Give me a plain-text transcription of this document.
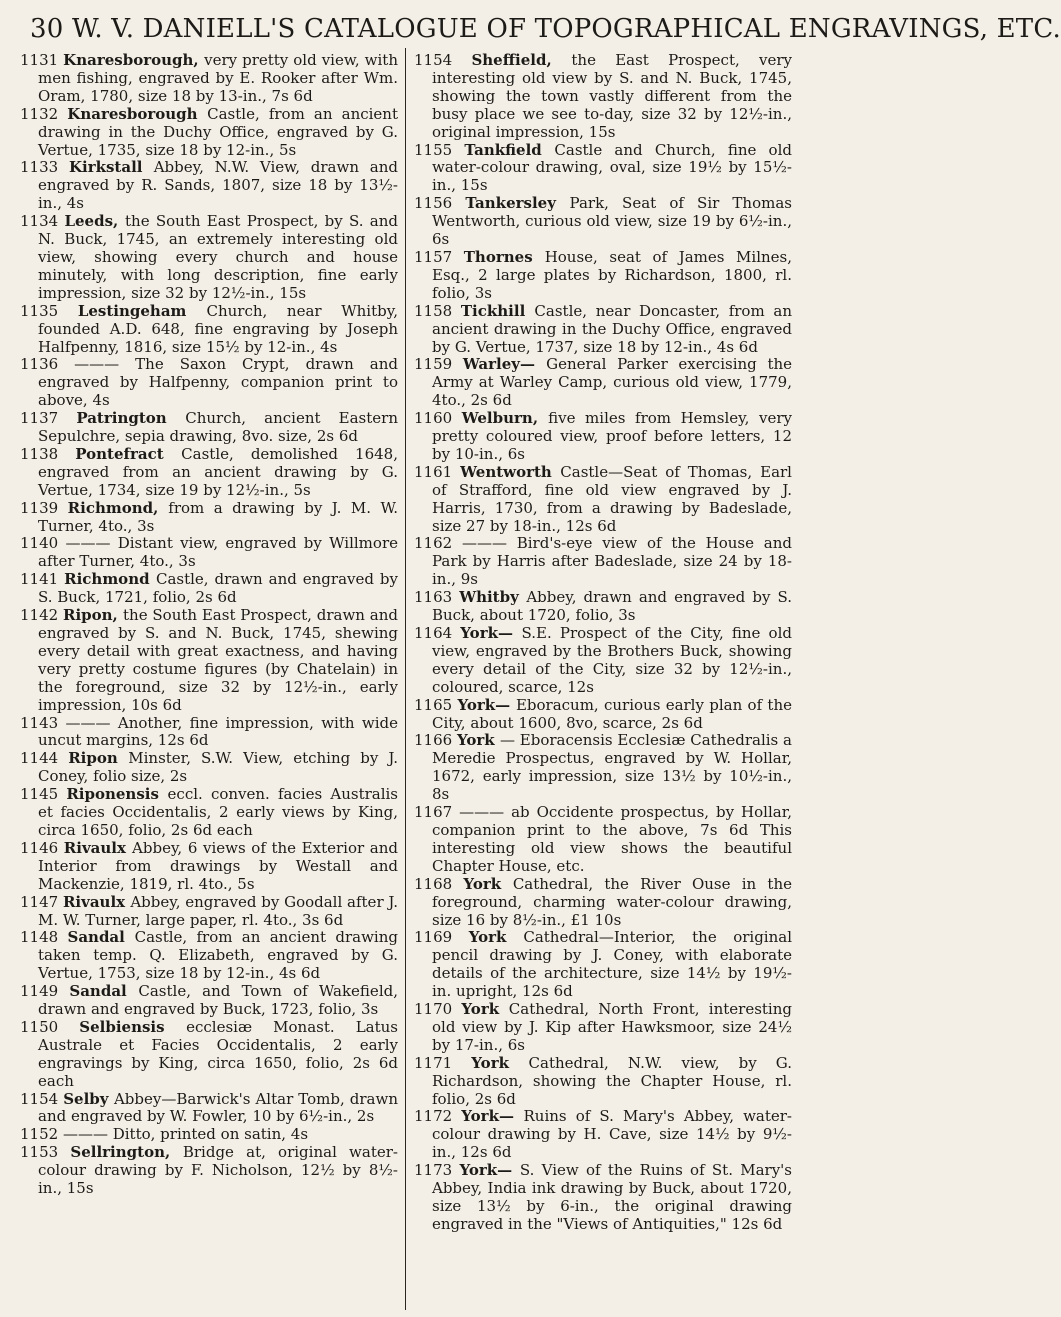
30 W. V. DANIELL'S CATALOGUE OF TOPOGRAPHICAL ENGRAVINGS, ETC.

1131 Knaresborough, very pretty old view, with men fishing, engraved by E. Rooker after Wm. Oram, 1780, size 18 by 13-in., 7s 6d

1132 Knaresborough Castle, from an ancient drawing in the Duchy Office, engraved by G. Vertue, 1735, size 18 by 12-in., 5s

1133 Kirkstall Abbey, N.W. View, drawn and engraved by R. Sands, 1807, size 18 by 13½-in., 4s

1134 Leeds, the South East Prospect, by S. and N. Buck, 1745, an extremely interesting old view, showing every church and house minutely, with long description, fine early impression, size 32 by 12½-in., 15s

1135 Lestingeham Church, near Whitby, founded A.D. 648, fine engraving by Joseph Halfpenny, 1816, size 15½ by 12-in., 4s

1136 ——— The Saxon Crypt, drawn and engraved by Halfpenny, companion print to above, 4s

1137 Patrington Church, ancient Eastern Sepulchre, sepia drawing, 8vo. size, 2s 6d

1138 Pontefract Castle, demolished 1648, engraved from an ancient drawing by G. Vertue, 1734, size 19 by 12½-in., 5s

1139 Richmond, from a drawing by J. M. W. Turner, 4to., 3s

1140 ——— Distant view, engraved by Willmore after Turner, 4to., 3s

1141 Richmond Castle, drawn and engraved by S. Buck, 1721, folio, 2s 6d

1142 Ripon, the South East Prospect, drawn and engraved by S. and N. Buck, 1745, shewing every detail with great exactness, and having very pretty costume figures (by Chatelain) in the foreground, size 32 by 12½-in., early impression, 10s 6d

1143 ——— Another, fine impression, with wide uncut margins, 12s 6d

1144 Ripon Minster, S.W. View, etching by J. Coney, folio size, 2s

1145 Riponensis eccl. conven. facies Australis et facies Occidentalis, 2 early views by King, circa 1650, folio, 2s 6d each

1146 Rivaulx Abbey, 6 views of the Exterior and Interior from drawings by Westall and Mackenzie, 1819, rl. 4to., 5s

1147 Rivaulx Abbey, engraved by Goodall after J. M. W. Turner, large paper, rl. 4to., 3s 6d

1148 Sandal Castle, from an ancient drawing taken temp. Q. Elizabeth, engraved by G. Vertue, 1753, size 18 by 12-in., 4s 6d

1149 Sandal Castle, and Town of Wakefield, drawn and engraved by Buck, 1723, folio, 3s

1150 Selbiensis ecclesiæ Monast. Latus Australe et Facies Occidentalis, 2 early engravings by King, circa 1650, folio, 2s 6d each

1154 Selby Abbey—Barwick's Altar Tomb, drawn and engraved by W. Fowler, 10 by 6½-in., 2s

1152 ——— Ditto, printed on satin, 4s

1153 Sellrington, Bridge at, original water-colour drawing by F. Nicholson, 12½ by 8½-in., 15s

1154 Sheffield, the East Prospect, very interesting old view by S. and N. Buck, 1745, showing the town vastly different from the busy place we see to-day, size 32 by 12½-in., original impression, 15s

1155 Tankfield Castle and Church, fine old water-colour drawing, oval, size 19½ by 15½-in., 15s

1156 Tankersley Park, Seat of Sir Thomas Wentworth, curious old view, size 19 by 6½-in., 6s

1157 Thornes House, seat of James Milnes, Esq., 2 large plates by Richardson, 1800, rl. folio, 3s

1158 Tickhill Castle, near Doncaster, from an ancient drawing in the Duchy Office, engraved by G. Vertue, 1737, size 18 by 12-in., 4s 6d

1159 Warley— General Parker exercising the Army at Warley Camp, curious old view, 1779, 4to., 2s 6d

1160 Welburn, five miles from Hemsley, very pretty coloured view, proof before letters, 12 by 10-in., 6s

1161 Wentworth Castle—Seat of Thomas, Earl of Strafford, fine old view engraved by J. Harris, 1730, from a drawing by Badeslade, size 27 by 18-in., 12s 6d

1162 ——— Bird's-eye view of the House and Park by Harris after Badeslade, size 24 by 18-in., 9s

1163 Whitby Abbey, drawn and engraved by S. Buck, about 1720, folio, 3s

1164 York— S.E. Prospect of the City, fine old view, engraved by the Brothers Buck, showing every detail of the City, size 32 by 12½-in., coloured, scarce, 12s

1165 York— Eboracum, curious early plan of the City, about 1600, 8vo, scarce, 2s 6d

1166 York — Eboracensis Ecclesiæ Cathedralis a Meredie Prospectus, engraved by W. Hollar, 1672, early impression, size 13½ by 10½-in., 8s

1167 ——— ab Occidente prospectus, by Hollar, companion print to the above, 7s 6d This interesting old view shows the beautiful Chapter House, etc.

1168 York Cathedral, the River Ouse in the foreground, charming water-colour drawing, size 16 by 8½-in., £1 10s

1169 York Cathedral—Interior, the original pencil drawing by J. Coney, with elaborate details of the architecture, size 14½ by 19½-in. upright, 12s 6d

1170 York Cathedral, North Front, interesting old view by J. Kip after Hawksmoor, size 24½ by 17-in., 6s

1171 York Cathedral, N.W. view, by G. Richardson, showing the Chapter House, rl. folio, 2s 6d

1172 York— Ruins of S. Mary's Abbey, water-colour drawing by H. Cave, size 14½ by 9½-in., 12s 6d

1173 York— S. View of the Ruins of St. Mary's Abbey, India ink drawing by Buck, about 1720, size 13½ by 6-in., the original drawing engraved in the "Views of Antiquities," 12s 6d
